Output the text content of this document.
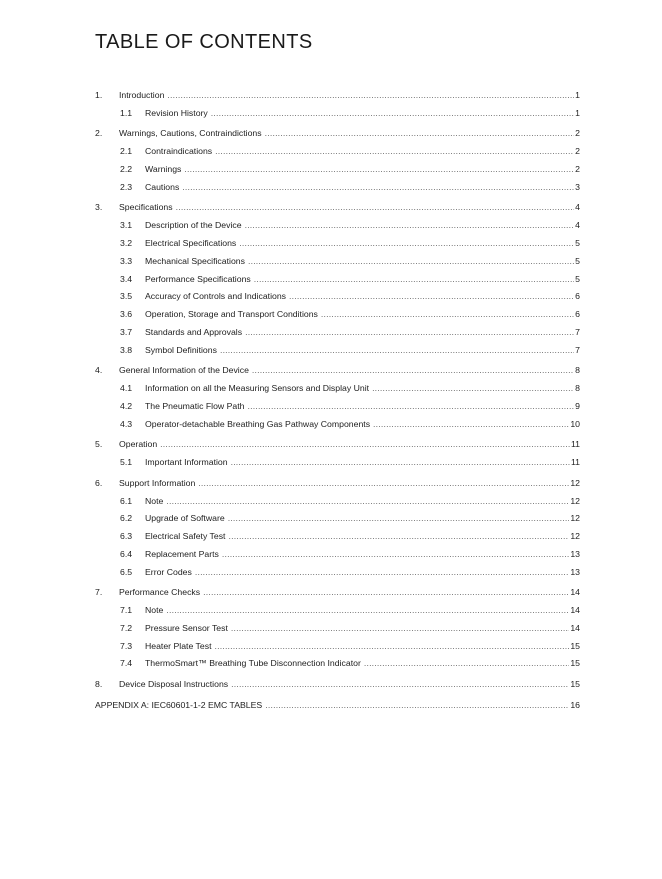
TABLE OF CONTENTS
1.	Introduction .....	1
1.1	Revision History .....	1
2.	Warnings, Cautions, Contraindictions .....	2
2.1	Contraindications .....	2
2.2	Warnings .....	2
2.3	Cautions .....	3
3.	Specifications .....	4
3.1	Description of the Device .....	4
3.2	Electrical Specifications .....	5
3.3	Mechanical Specifications .....	5
3.4	Performance Specifications .....	5
3.5	Accuracy of Controls and Indications .....	6
3.6	Operation, Storage and Transport Conditions .....	6
3.7	Standards and Approvals .....	7
3.8	Symbol Definitions .....	7
4.	General Information of the Device .....	8
4.1	Information on all the Measuring Sensors and Display Unit .....	8
4.2	The Pneumatic Flow Path .....	9
4.3	Operator-detachable Breathing Gas Pathway Components .....	10
5.	Operation .....	11
5.1	Important Information .....	11
6.	Support Information .....	12
6.1	Note .....	12
6.2	Upgrade of Software .....	12
6.3	Electrical Safety Test .....	12
6.4	Replacement Parts .....	13
6.5	Error Codes .....	13
7.	Performance Checks .....	14
7.1	Note .....	14
7.2	Pressure Sensor Test .....	14
7.3	Heater Plate Test .....	15
7.4	ThermoSmart™ Breathing Tube Disconnection Indicator .....	15
8.	Device Disposal Instructions .....	15
APPENDIX A: IEC60601-1-2 EMC TABLES .....	16
